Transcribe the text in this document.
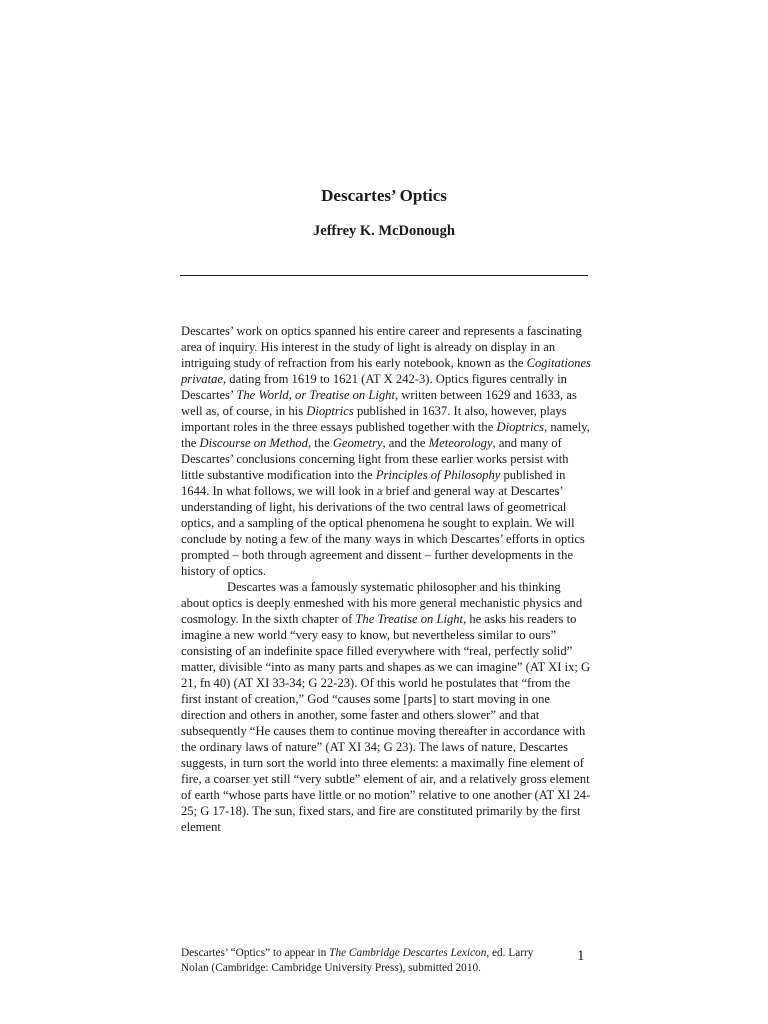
Descartes’ Optics
Jeffrey K. McDonough

Descartes’ work on optics spanned his entire career and represents a fascinating area of inquiry. His interest in the study of light is already on display in an intriguing study of refraction from his early notebook, known as the Cogitationes privatae, dating from 1619 to 1621 (AT X 242-3). Optics figures centrally in Descartes’ The World, or Treatise on Light, written between 1629 and 1633, as well as, of course, in his Dioptrics published in 1637. It also, however, plays important roles in the three essays published together with the Dioptrics, namely, the Discourse on Method, the Geometry, and the Meteorology, and many of Descartes’ conclusions concerning light from these earlier works persist with little substantive modification into the Principles of Philosophy published in 1644. In what follows, we will look in a brief and general way at Descartes’ understanding of light, his derivations of the two central laws of geometrical optics, and a sampling of the optical phenomena he sought to explain. We will conclude by noting a few of the many ways in which Descartes’ efforts in optics prompted – both through agreement and dissent – further developments in the history of optics.

Descartes was a famously systematic philosopher and his thinking about optics is deeply enmeshed with his more general mechanistic physics and cosmology. In the sixth chapter of The Treatise on Light, he asks his readers to imagine a new world “very easy to know, but nevertheless similar to ours” consisting of an indefinite space filled everywhere with “real, perfectly solid” matter, divisible “into as many parts and shapes as we can imagine” (AT XI ix; G 21, fn 40) (AT XI 33-34; G 22-23). Of this world he postulates that “from the first instant of creation,” God “causes some [parts] to start moving in one direction and others in another, some faster and others slower” and that subsequently “He causes them to continue moving thereafter in accordance with the ordinary laws of nature” (AT XI 34; G 23). The laws of nature, Descartes suggests, in turn sort the world into three elements: a maximally fine element of fire, a coarser yet still “very subtle” element of air, and a relatively gross element of earth “whose parts have little or no motion” relative to one another (AT XI 24-25; G 17-18). The sun, fixed stars, and fire are constituted primarily by the first element

Descartes’ “Optics” to appear in The Cambridge Descartes Lexicon, ed. Larry Nolan (Cambridge: Cambridge University Press), submitted 2010.
1
